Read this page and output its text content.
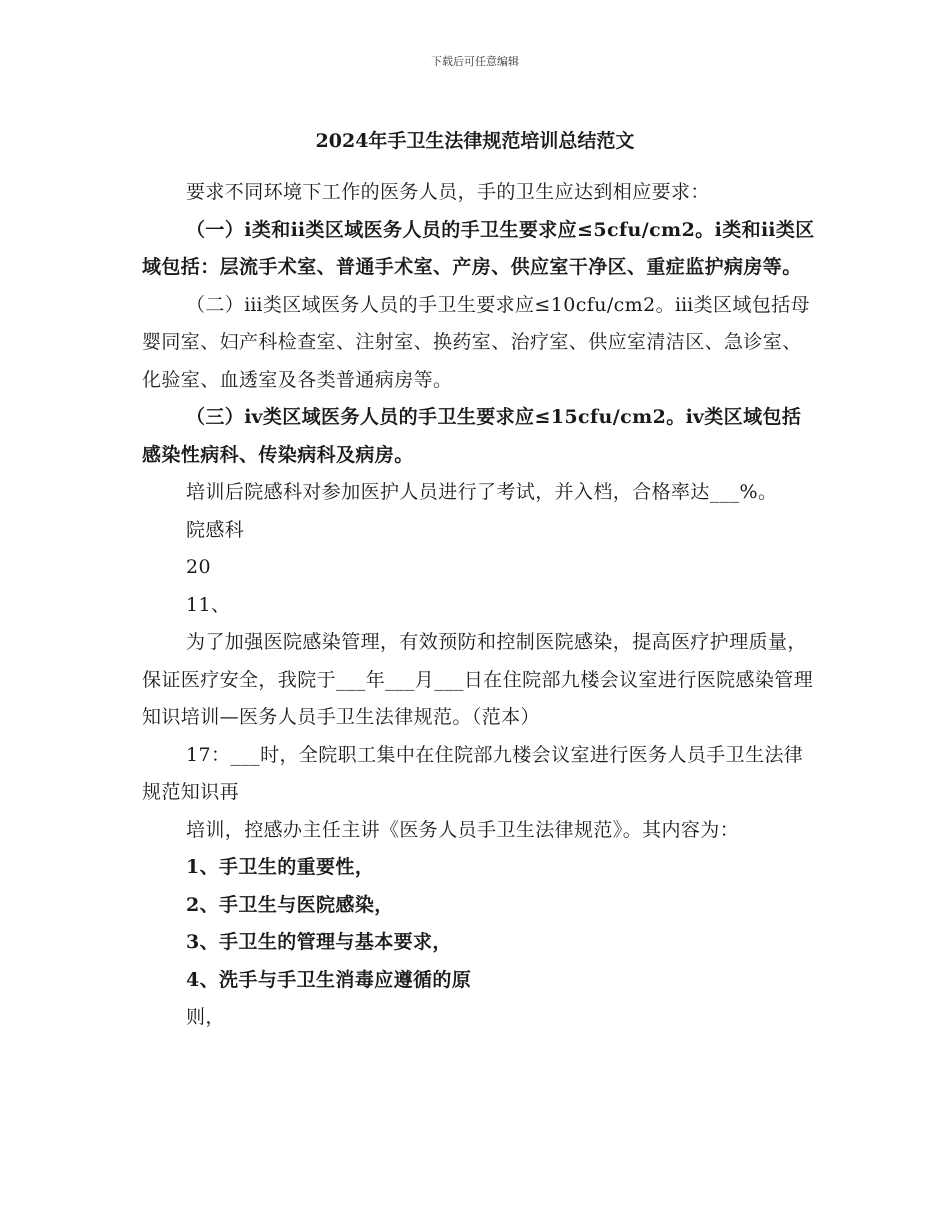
下载后可任意编辑
2024年手卫生法律规范培训总结范文

要求不同环境下工作的医务人员，手的卫生应达到相应要求：

（一）ⅰ类和ⅱ类区域医务人员的手卫生要求应≤5cfu/cm2。ⅰ类和ⅱ类区域包括：层流手术室、普通手术室、产房、供应室干净区、重症监护病房等。

（二）ⅲ类区域医务人员的手卫生要求应≤10cfu/cm2。ⅲ类区域包括母婴同室、妇产科检查室、注射室、换药室、治疗室、供应室清洁区、急诊室、化验室、血透室及各类普通病房等。

（三）ⅳ类区域医务人员的手卫生要求应≤15cfu/cm2。ⅳ类区域包括感染性病科、传染病科及病房。

培训后院感科对参加医护人员进行了考试，并入档，合格率达___%。

院感科

20

11、

为了加强医院感染管理，有效预防和控制医院感染，提高医疗护理质量，保证医疗安全，我院于___年___月___日在住院部九楼会议室进行医院感染管理知识培训—医务人员手卫生法律规范。（范本）

17：___时，全院职工集中在住院部九楼会议室进行医务人员手卫生法律规范知识再

培训，控感办主任主讲《医务人员手卫生法律规范》。其内容为：

1、手卫生的重要性，

2、手卫生与医院感染，

3、手卫生的管理与基本要求，

4、洗手与手卫生消毒应遵循的原

则，
